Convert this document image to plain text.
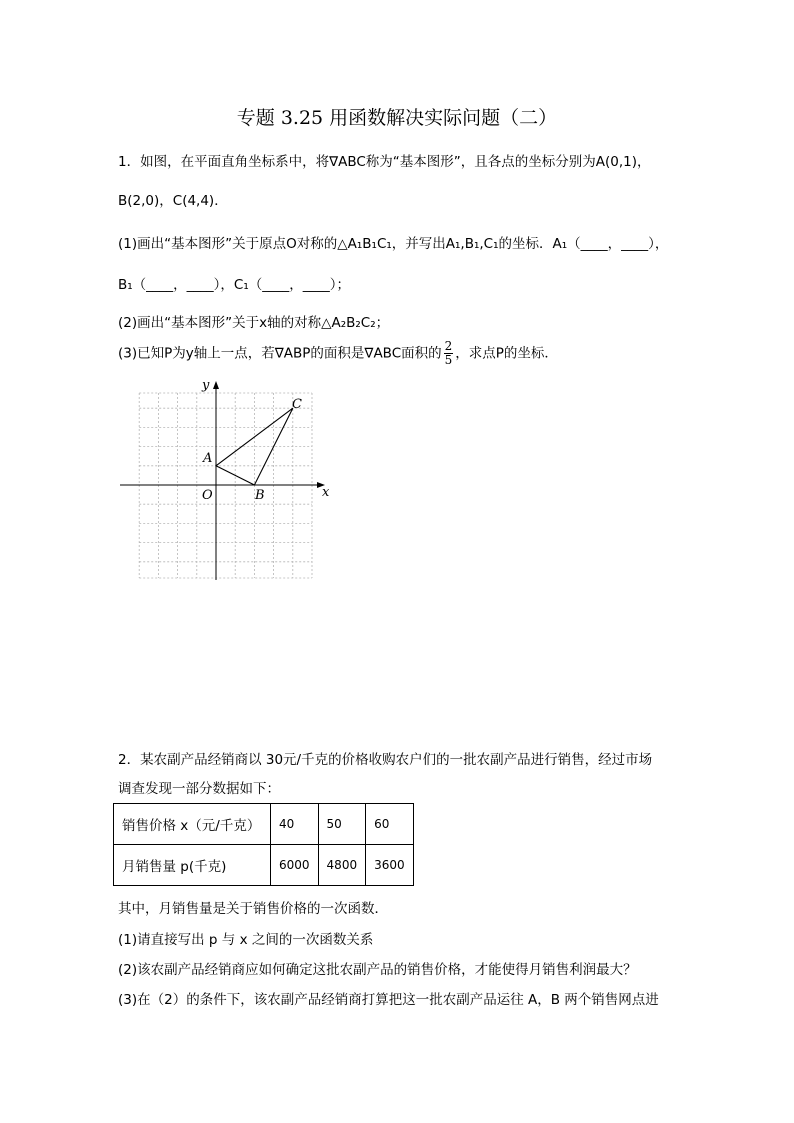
专题 3.25 用函数解决实际问题（二）
1．如图，在平面直角坐标系中，将∇ABC称为“基本图形”，且各点的坐标分别为A(0,1)，
B(2,0)，C(4,4)．
(1)画出“基本图形”关于原点O对称的△A₁B₁C₁，并写出A₁,B₁,C₁的坐标．A₁（____，____），
B₁（____，____），C₁（____，____）；
(2)画出“基本图形”关于x轴的对称△A₂B₂C₂；
(3)已知P为y轴上一点，若∇ABP的面积是∇ABC面积的 $\frac{2}{5}$ ，求点P的坐标．
x
y
O
A
B
C
2．某农副产品经销商以 30元/千克的价格收购农户们的一批农副产品进行销售，经过市场
调查发现一部分数据如下：
销售价格 x（元/千克）	40	50	60
月销售量 p(千克)	6000	4800	3600
其中，月销售量是关于销售价格的一次函数．
(1)请直接写出 p 与 x 之间的一次函数关系
(2)该农副产品经销商应如何确定这批农副产品的销售价格，才能使得月销售利润最大？
(3)在（2）的条件下，该农副产品经销商打算把这一批农副产品运往 A，B 两个销售网点进
